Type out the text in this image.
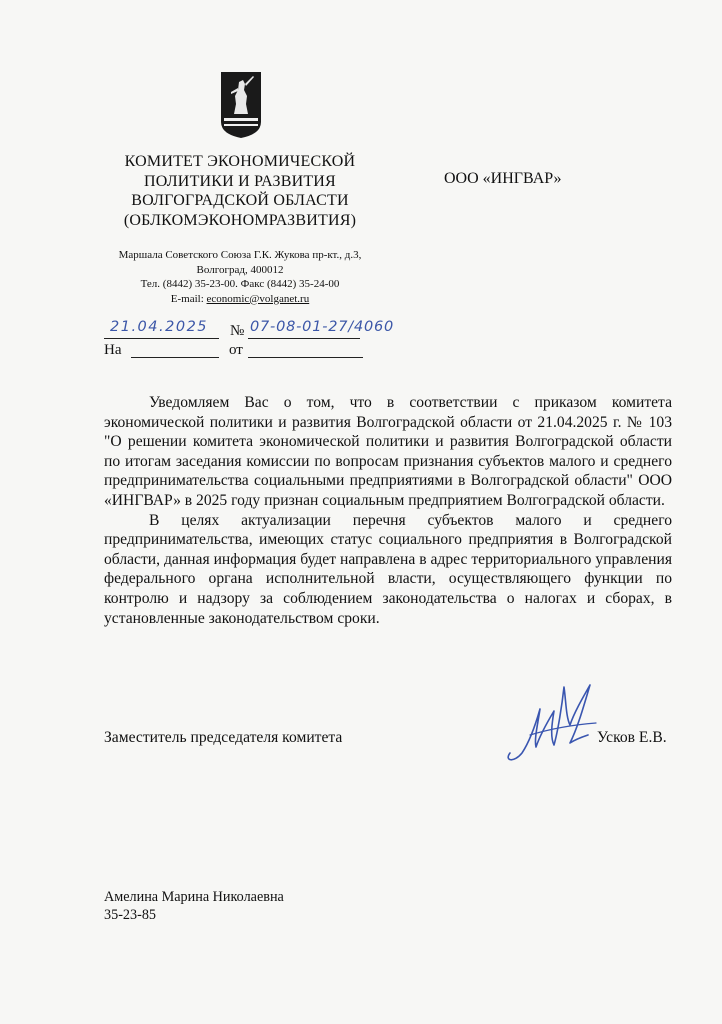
КОМИТЕТ ЭКОНОМИЧЕСКОЙ
ПОЛИТИКИ И РАЗВИТИЯ
ВОЛГОГРАДСКОЙ ОБЛАСТИ
(ОБЛКОМЭКОНОМРАЗВИТИЯ)
Маршала Советского Союза Г.К. Жукова пр-кт., д.3,
Волгоград, 400012
Тел. (8442) 35-23-00. Факс (8442) 35-24-00
E-mail: economic@volganet.ru
ООО «ИНГВАР»
21.04.2025 № 07-08-01-27/4060
На	от

Уведомляем Вас о том, что в соответствии с приказом комитета экономической политики и развития Волгоградской области от 21.04.2025 г. № 103 "О решении комитета экономической политики и развития Волгоградской области по итогам заседания комиссии по вопросам признания субъектов малого и среднего предпринимательства социальными предприятиями в Волгоградской области" ООО «ИНГВАР» в 2025 году признан социальным предприятием Волгоградской области.

В целях актуализации перечня субъектов малого и среднего предпринимательства, имеющих статус социального предприятия в Волгоградской области, данная информация будет направлена в адрес территориального управления федерального органа исполнительной власти, осуществляющего функции по контролю и надзору за соблюдением законодательства о налогах и сборах, в установленные законодательством сроки.

Заместитель председателя комитета	Усков Е.В.
Амелина Марина Николаевна
35-23-85
